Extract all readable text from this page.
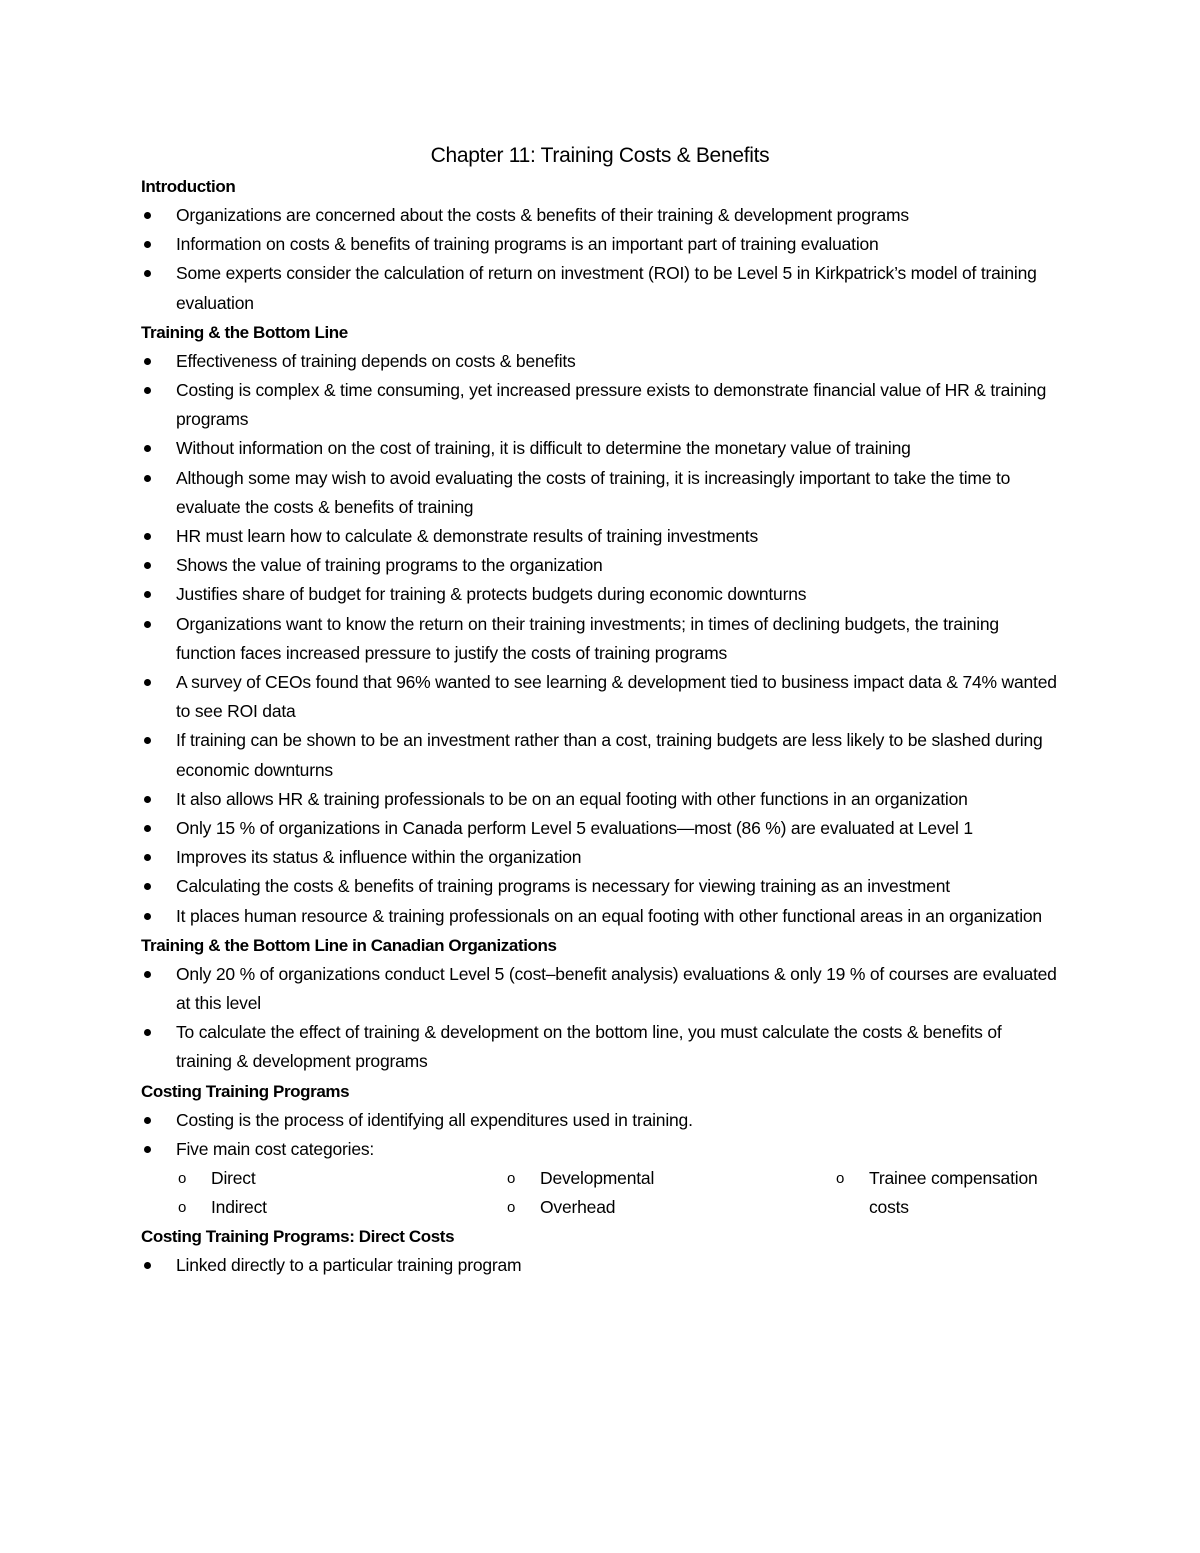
Chapter 11: Training Costs & Benefits
Introduction
Organizations are concerned about the costs & benefits of their training & development programs
Information on costs & benefits of training programs is an important part of training evaluation
Some experts consider the calculation of return on investment (ROI) to be Level 5 in Kirkpatrick’s model of training evaluation
Training & the Bottom Line
Effectiveness of training depends on costs & benefits
Costing is complex & time consuming, yet increased pressure exists to demonstrate financial value of HR & training programs
Without information on the cost of training, it is difficult to determine the monetary value of training
Although some may wish to avoid evaluating the costs of training, it is increasingly important to take the time to evaluate the costs & benefits of training
HR must learn how to calculate & demonstrate results of training investments
Shows the value of training programs to the organization
Justifies share of budget for training & protects budgets during economic downturns
Organizations want to know the return on their training investments; in times of declining budgets, the training function faces increased pressure to justify the costs of training programs
A survey of CEOs found that 96% wanted to see learning & development tied to business impact data & 74% wanted to see ROI data
If training can be shown to be an investment rather than a cost, training budgets are less likely to be slashed during economic downturns
It also allows HR & training professionals to be on an equal footing with other functions in an organization
Only 15 % of organizations in Canada perform Level 5 evaluations—most (86 %) are evaluated at Level 1
Improves its status & influence within the organization
Calculating the costs & benefits of training programs is necessary for viewing training as an investment
It places human resource & training professionals on an equal footing with other functional areas in an organization
Training & the Bottom Line in Canadian Organizations
Only 20 % of organizations conduct Level 5 (cost–benefit analysis) evaluations & only 19 % of courses are evaluated at this level
To calculate the effect of training & development on the bottom line, you must calculate the costs & benefits of training & development programs
Costing Training Programs
Costing is the process of identifying all expenditures used in training.
Five main cost categories:
o Direct
o Indirect
o Developmental
o Overhead
o Trainee compensation costs
Costing Training Programs: Direct Costs
Linked directly to a particular training program
